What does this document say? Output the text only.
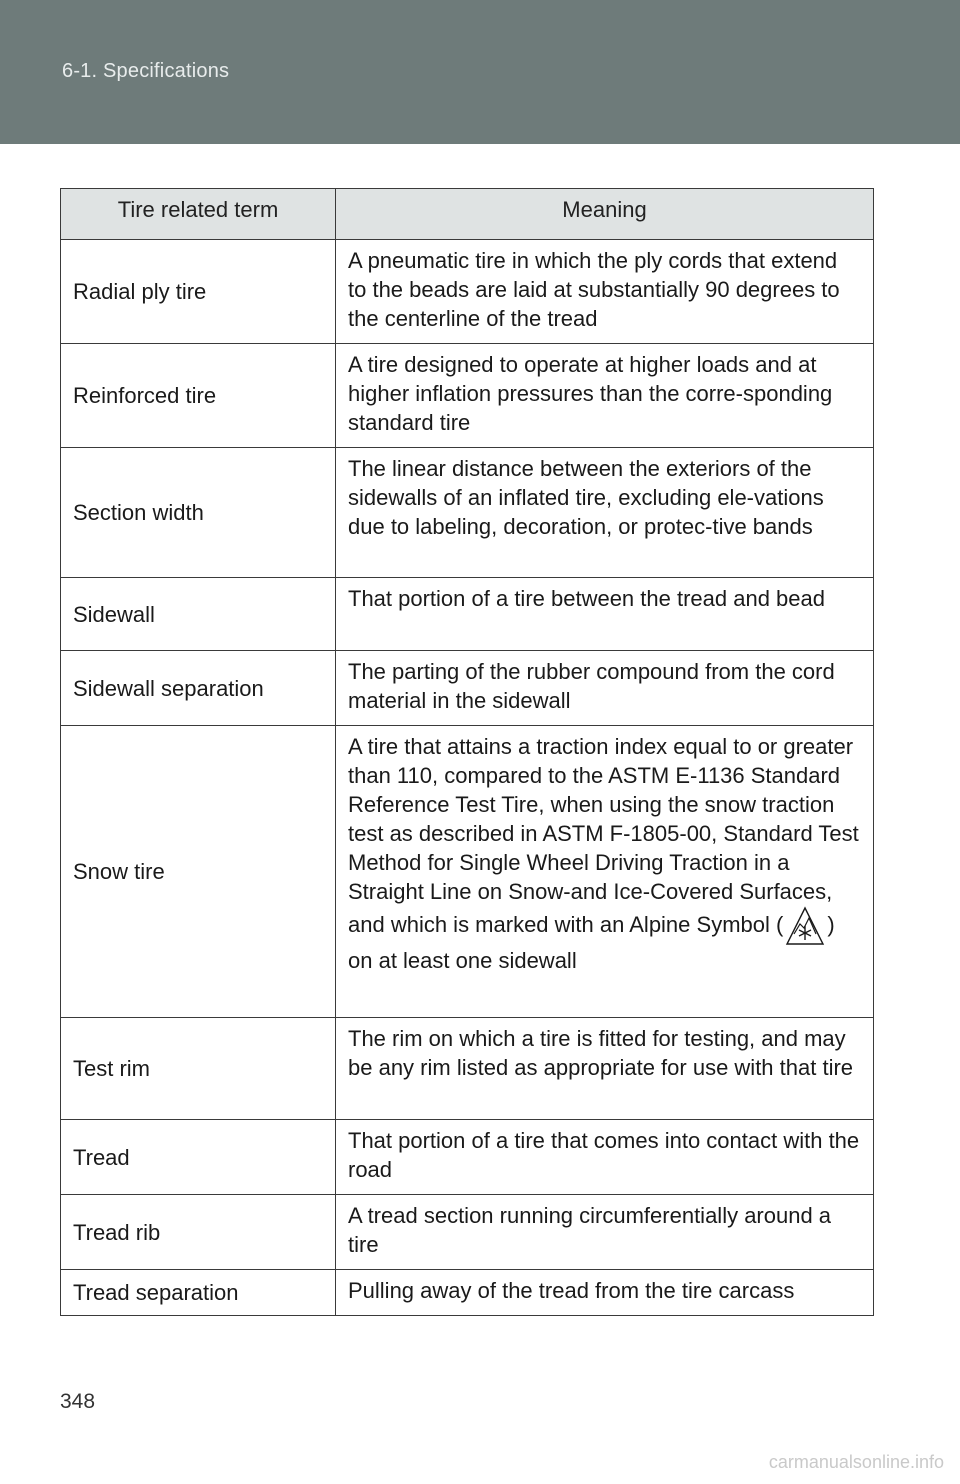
6-1. Specifications
Tire related term	Meaning
Radial ply tire	A pneumatic tire in which the ply cords that extend to the beads are laid at substantially 90 degrees to the centerline of the tread
Reinforced tire	A tire designed to operate at higher loads and at higher inflation pressures than the corre-sponding standard tire
Section width	The linear distance between the exteriors of the sidewalls of an inflated tire, excluding ele-vations due to labeling, decoration, or protec-tive bands
Sidewall	That portion of a tire between the tread and bead
Sidewall separation	The parting of the rubber compound from the cord material in the sidewall
Snow tire	A tire that attains a traction index equal to or greater than 110, compared to the ASTM E-1136 Standard Reference Test Tire, when using the snow traction test as described in ASTM F-1805-00, Standard Test Method for Single Wheel Driving Traction in a Straight Line on Snow-and Ice-Covered Surfaces, and which is marked with an Alpine Symbol ( ) on at least one sidewall
Test rim	The rim on which a tire is fitted for testing, and may be any rim listed as appropriate for use with that tire
Tread	That portion of a tire that comes into contact with the road
Tread rib	A tread section running circumferentially around a tire
Tread separation	Pulling away of the tread from the tire carcass
348
carmanualsonline.info
